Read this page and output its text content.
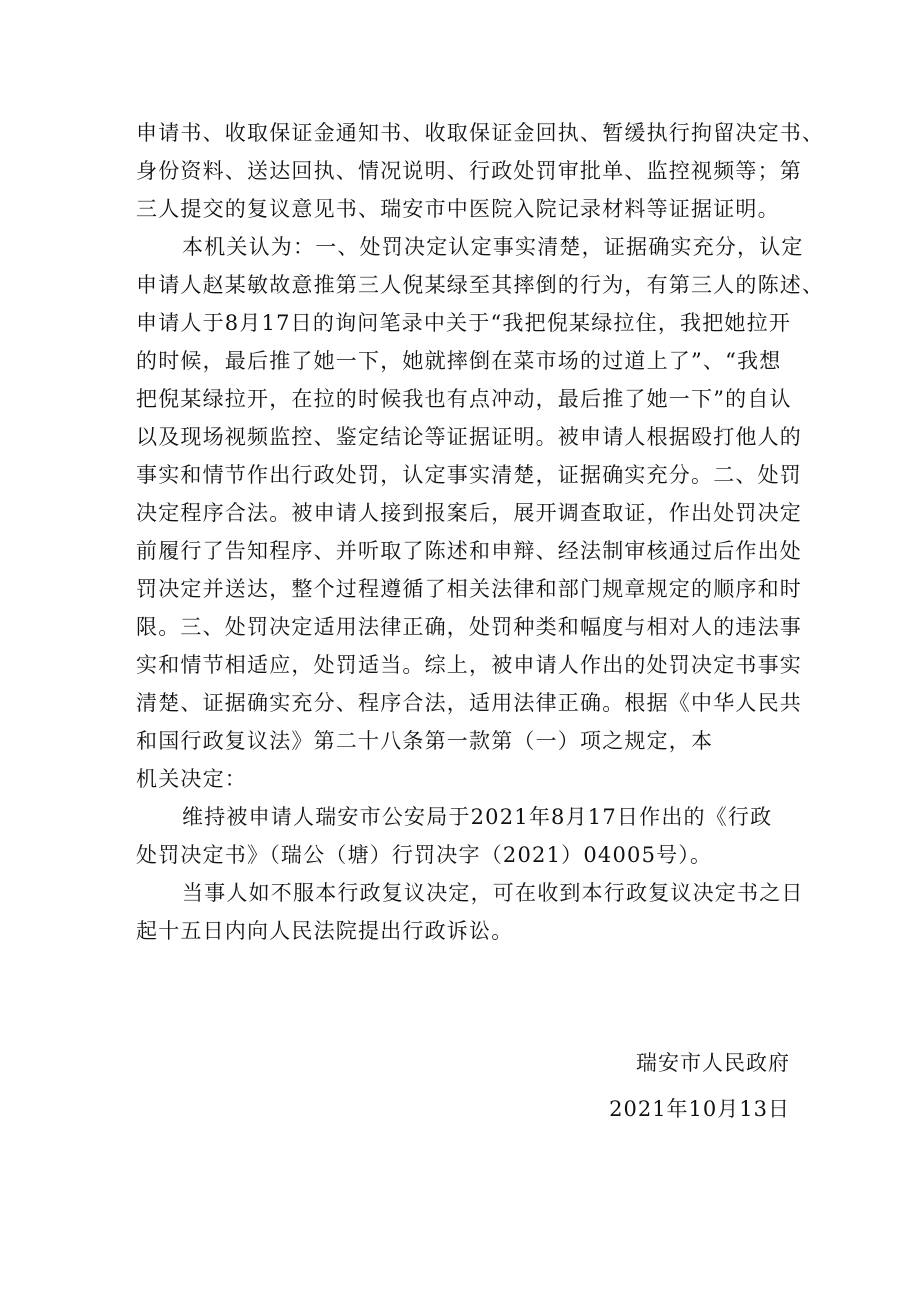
申请书、收取保证金通知书、收取保证金回执、暂缓执行拘留决定书、
身份资料、送达回执、情况说明、行政处罚审批单、监控视频等；第
三人提交的复议意见书、瑞安市中医院入院记录材料等证据证明。
本机关认为：一、处罚决定认定事实清楚，证据确实充分，认定
申请人赵某敏故意推第三人倪某绿至其摔倒的行为，有第三人的陈述、
申请人于8月17日的询问笔录中关于“我把倪某绿拉住，我把她拉开
的时候，最后推了她一下，她就摔倒在菜市场的过道上了”、“我想
把倪某绿拉开，在拉的时候我也有点冲动，最后推了她一下”的自认
以及现场视频监控、鉴定结论等证据证明。被申请人根据殴打他人的
事实和情节作出行政处罚，认定事实清楚，证据确实充分。二、处罚
决定程序合法。被申请人接到报案后，展开调查取证，作出处罚决定
前履行了告知程序、并听取了陈述和申辩、经法制审核通过后作出处
罚决定并送达，整个过程遵循了相关法律和部门规章规定的顺序和时
限。三、处罚决定适用法律正确，处罚种类和幅度与相对人的违法事
实和情节相适应，处罚适当。综上，被申请人作出的处罚决定书事实
清楚、证据确实充分、程序合法，适用法律正确。根据《中华人民共
和国行政复议法》第二十八条第一款第（一）项之规定，本
机关决定：
维持被申请人瑞安市公安局于2021年8月17日作出的《行政
处罚决定书》（瑞公（塘）行罚决字（2021）04005号）。
当事人如不服本行政复议决定，可在收到本行政复议决定书之日
起十五日内向人民法院提出行政诉讼。
瑞安市人民政府
2021年10月13日
